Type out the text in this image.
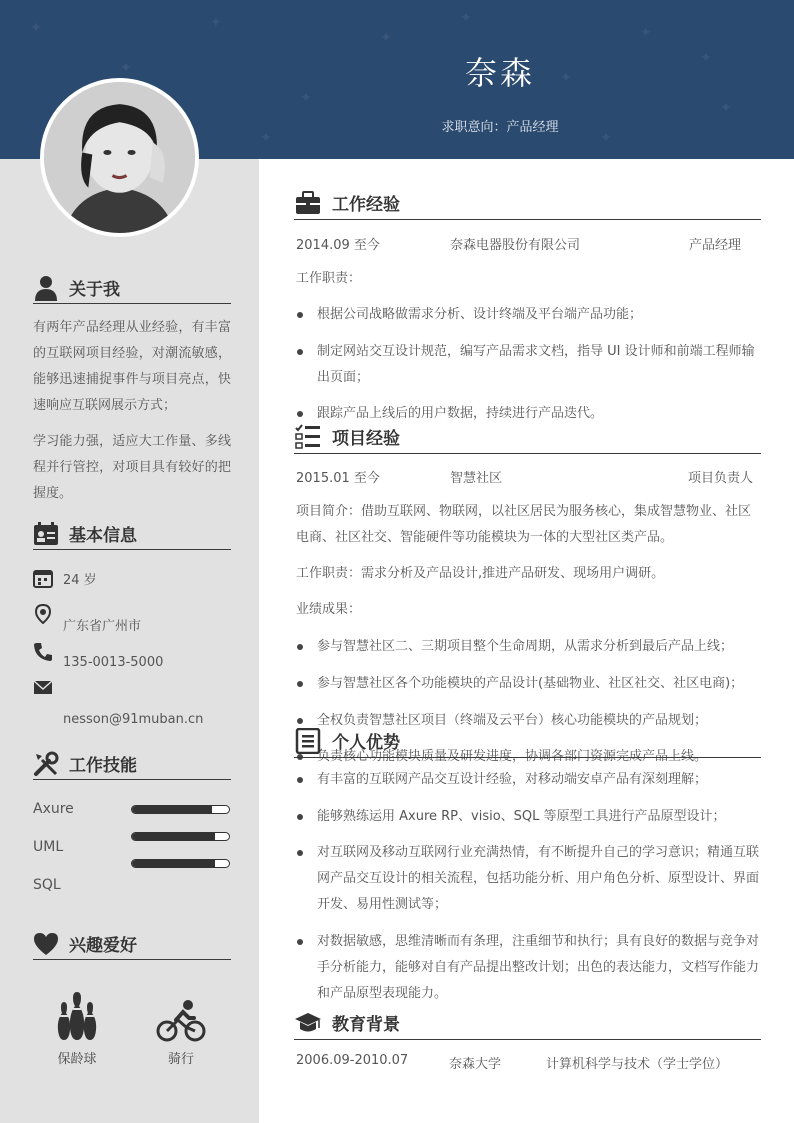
✦
✦
✦
✦
✦
✦
✦
✦
✦
✦
✦
✦
奈森
求职意向：产品经理
关于我
有两年产品经理从业经验，有丰富的互联网项目经验，对潮流敏感，能够迅速捕捉事件与项目亮点，快速响应互联网展示方式；
学习能力强，适应大工作量、多线程并行管控，对项目具有较好的把握度。
基本信息
24 岁
广东省广州市
135-0013-5000
nesson@91muban.cn
工作技能
Axure
UML
SQL
兴趣爱好
保龄球	骑行
工作经验
2014.09 至今	奈森电器股份有限公司	产品经理
工作职责：
根据公司战略做需求分析、设计终端及平台端产品功能；
制定网站交互设计规范，编写产品需求文档，指导 UI 设计师和前端工程师输出页面；
跟踪产品上线后的用户数据，持续进行产品迭代。
项目经验
2015.01 至今	智慧社区	项目负责人
项目简介：借助互联网、物联网，以社区居民为服务核心，集成智慧物业、社区电商、社区社交、智能硬件等功能模块为一体的大型社区类产品。
工作职责：需求分析及产品设计,推进产品研发、现场用户调研。
业绩成果：
参与智慧社区二、三期项目整个生命周期，从需求分析到最后产品上线；
参与智慧社区各个功能模块的产品设计(基础物业、社区社交、社区电商)；
全权负责智慧社区项目（终端及云平台）核心功能模块的产品规划；
负责核心功能模块质量及研发进度，协调各部门资源完成产品上线。
个人优势
有丰富的互联网产品交互设计经验，对移动端安卓产品有深刻理解；
能够熟练运用 Axure RP、visio、SQL 等原型工具进行产品原型设计；
对互联网及移动互联网行业充满热情，有不断提升自己的学习意识；精通互联网产品交互设计的相关流程，包括功能分析、用户角色分析、原型设计、界面开发、易用性测试等；
对数据敏感，思维清晰而有条理，注重细节和执行；具有良好的数据与竞争对手分析能力，能够对自有产品提出整改计划；出色的表达能力，文档写作能力和产品原型表现能力。
教育背景
2006.09-2010.07	奈森大学	计算机科学与技术（学士学位）
